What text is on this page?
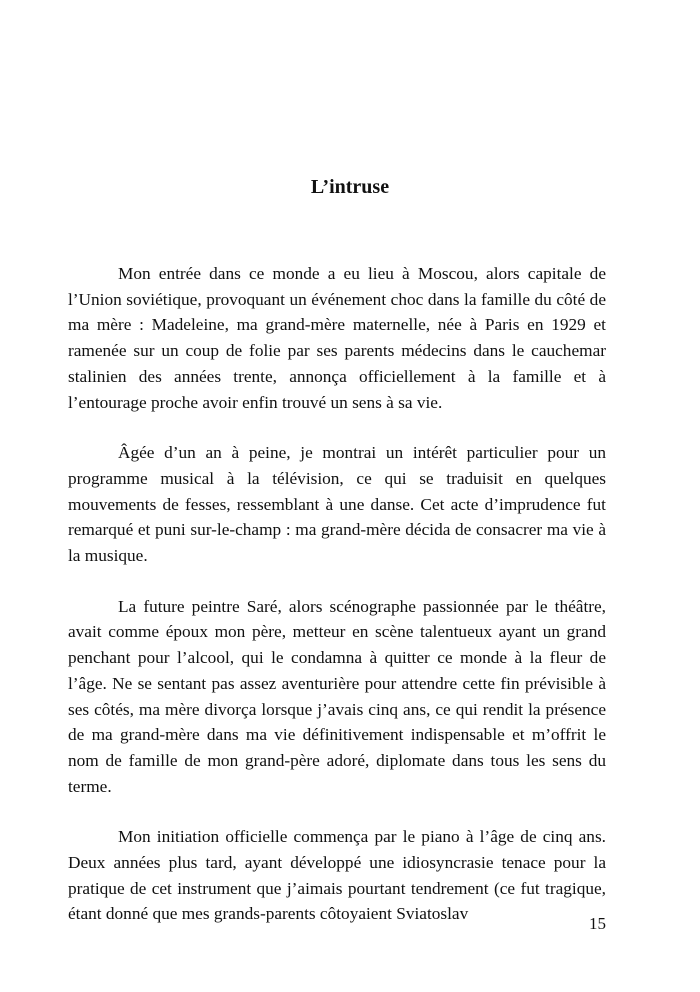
L’intruse

Mon entrée dans ce monde a eu lieu à Moscou, alors capitale de l’Union soviétique, provoquant un événement choc dans la famille du côté de ma mère : Madeleine, ma grand-mère maternelle, née à Paris en 1929 et ramenée sur un coup de folie par ses parents médecins dans le cauchemar stalinien des années trente, annonça officiellement à la famille et à l’entourage proche avoir enfin trouvé un sens à sa vie.

Âgée d’un an à peine, je montrai un intérêt particulier pour un programme musical à la télévision, ce qui se traduisit en quelques mouvements de fesses, ressemblant à une danse. Cet acte d’imprudence fut remarqué et puni sur-le-champ : ma grand-mère décida de consacrer ma vie à la musique.

La future peintre Saré, alors scénographe passionnée par le théâtre, avait comme époux mon père, metteur en scène talentueux ayant un grand penchant pour l’alcool, qui le condamna à quitter ce monde à la fleur de l’âge. Ne se sentant pas assez aventurière pour attendre cette fin prévisible à ses côtés, ma mère divorça lorsque j’avais cinq ans, ce qui rendit la présence de ma grand-mère dans ma vie définitivement indispensable et m’offrit le nom de famille de mon grand-père adoré, diplomate dans tous les sens du terme.

Mon initiation officielle commença par le piano à l’âge de cinq ans. Deux années plus tard, ayant développé une idiosyncrasie tenace pour la pratique de cet instrument que j’aimais pourtant tendrement (ce fut tragique, étant donné que mes grands-parents côtoyaient Sviatoslav

15
